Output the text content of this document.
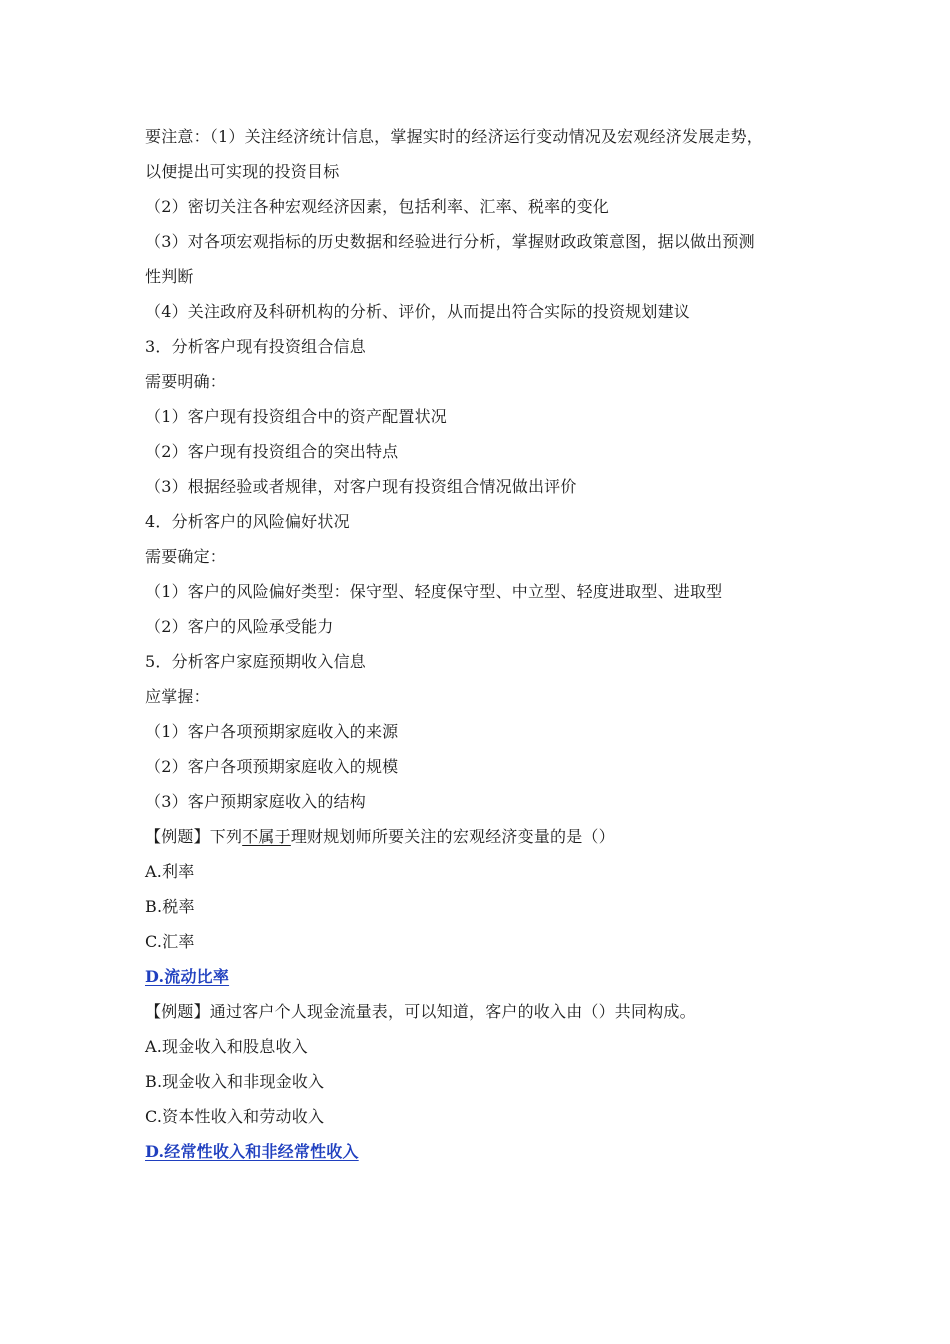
要注意：（1）关注经济统计信息，掌握实时的经济运行变动情况及宏观经济发展走势，
以便提出可实现的投资目标
（2）密切关注各种宏观经济因素，包括利率、汇率、税率的变化
（3）对各项宏观指标的历史数据和经验进行分析，掌握财政政策意图，据以做出预测
性判断
（4）关注政府及科研机构的分析、评价，从而提出符合实际的投资规划建议
3．分析客户现有投资组合信息
需要明确：
（1）客户现有投资组合中的资产配置状况
（2）客户现有投资组合的突出特点
（3）根据经验或者规律，对客户现有投资组合情况做出评价
4．分析客户的风险偏好状况
需要确定：
（1）客户的风险偏好类型：保守型、轻度保守型、中立型、轻度进取型、进取型
（2）客户的风险承受能力
5．分析客户家庭预期收入信息
应掌握：
（1）客户各项预期家庭收入的来源
（2）客户各项预期家庭收入的规模
（3）客户预期家庭收入的结构
【例题】下列不属于理财规划师所要关注的宏观经济变量的是（）
A.利率
B.税率
C.汇率
D.流动比率
【例题】通过客户个人现金流量表，可以知道，客户的收入由（）共同构成。
A.现金收入和股息收入
B.现金收入和非现金收入
C.资本性收入和劳动收入
D.经常性收入和非经常性收入
